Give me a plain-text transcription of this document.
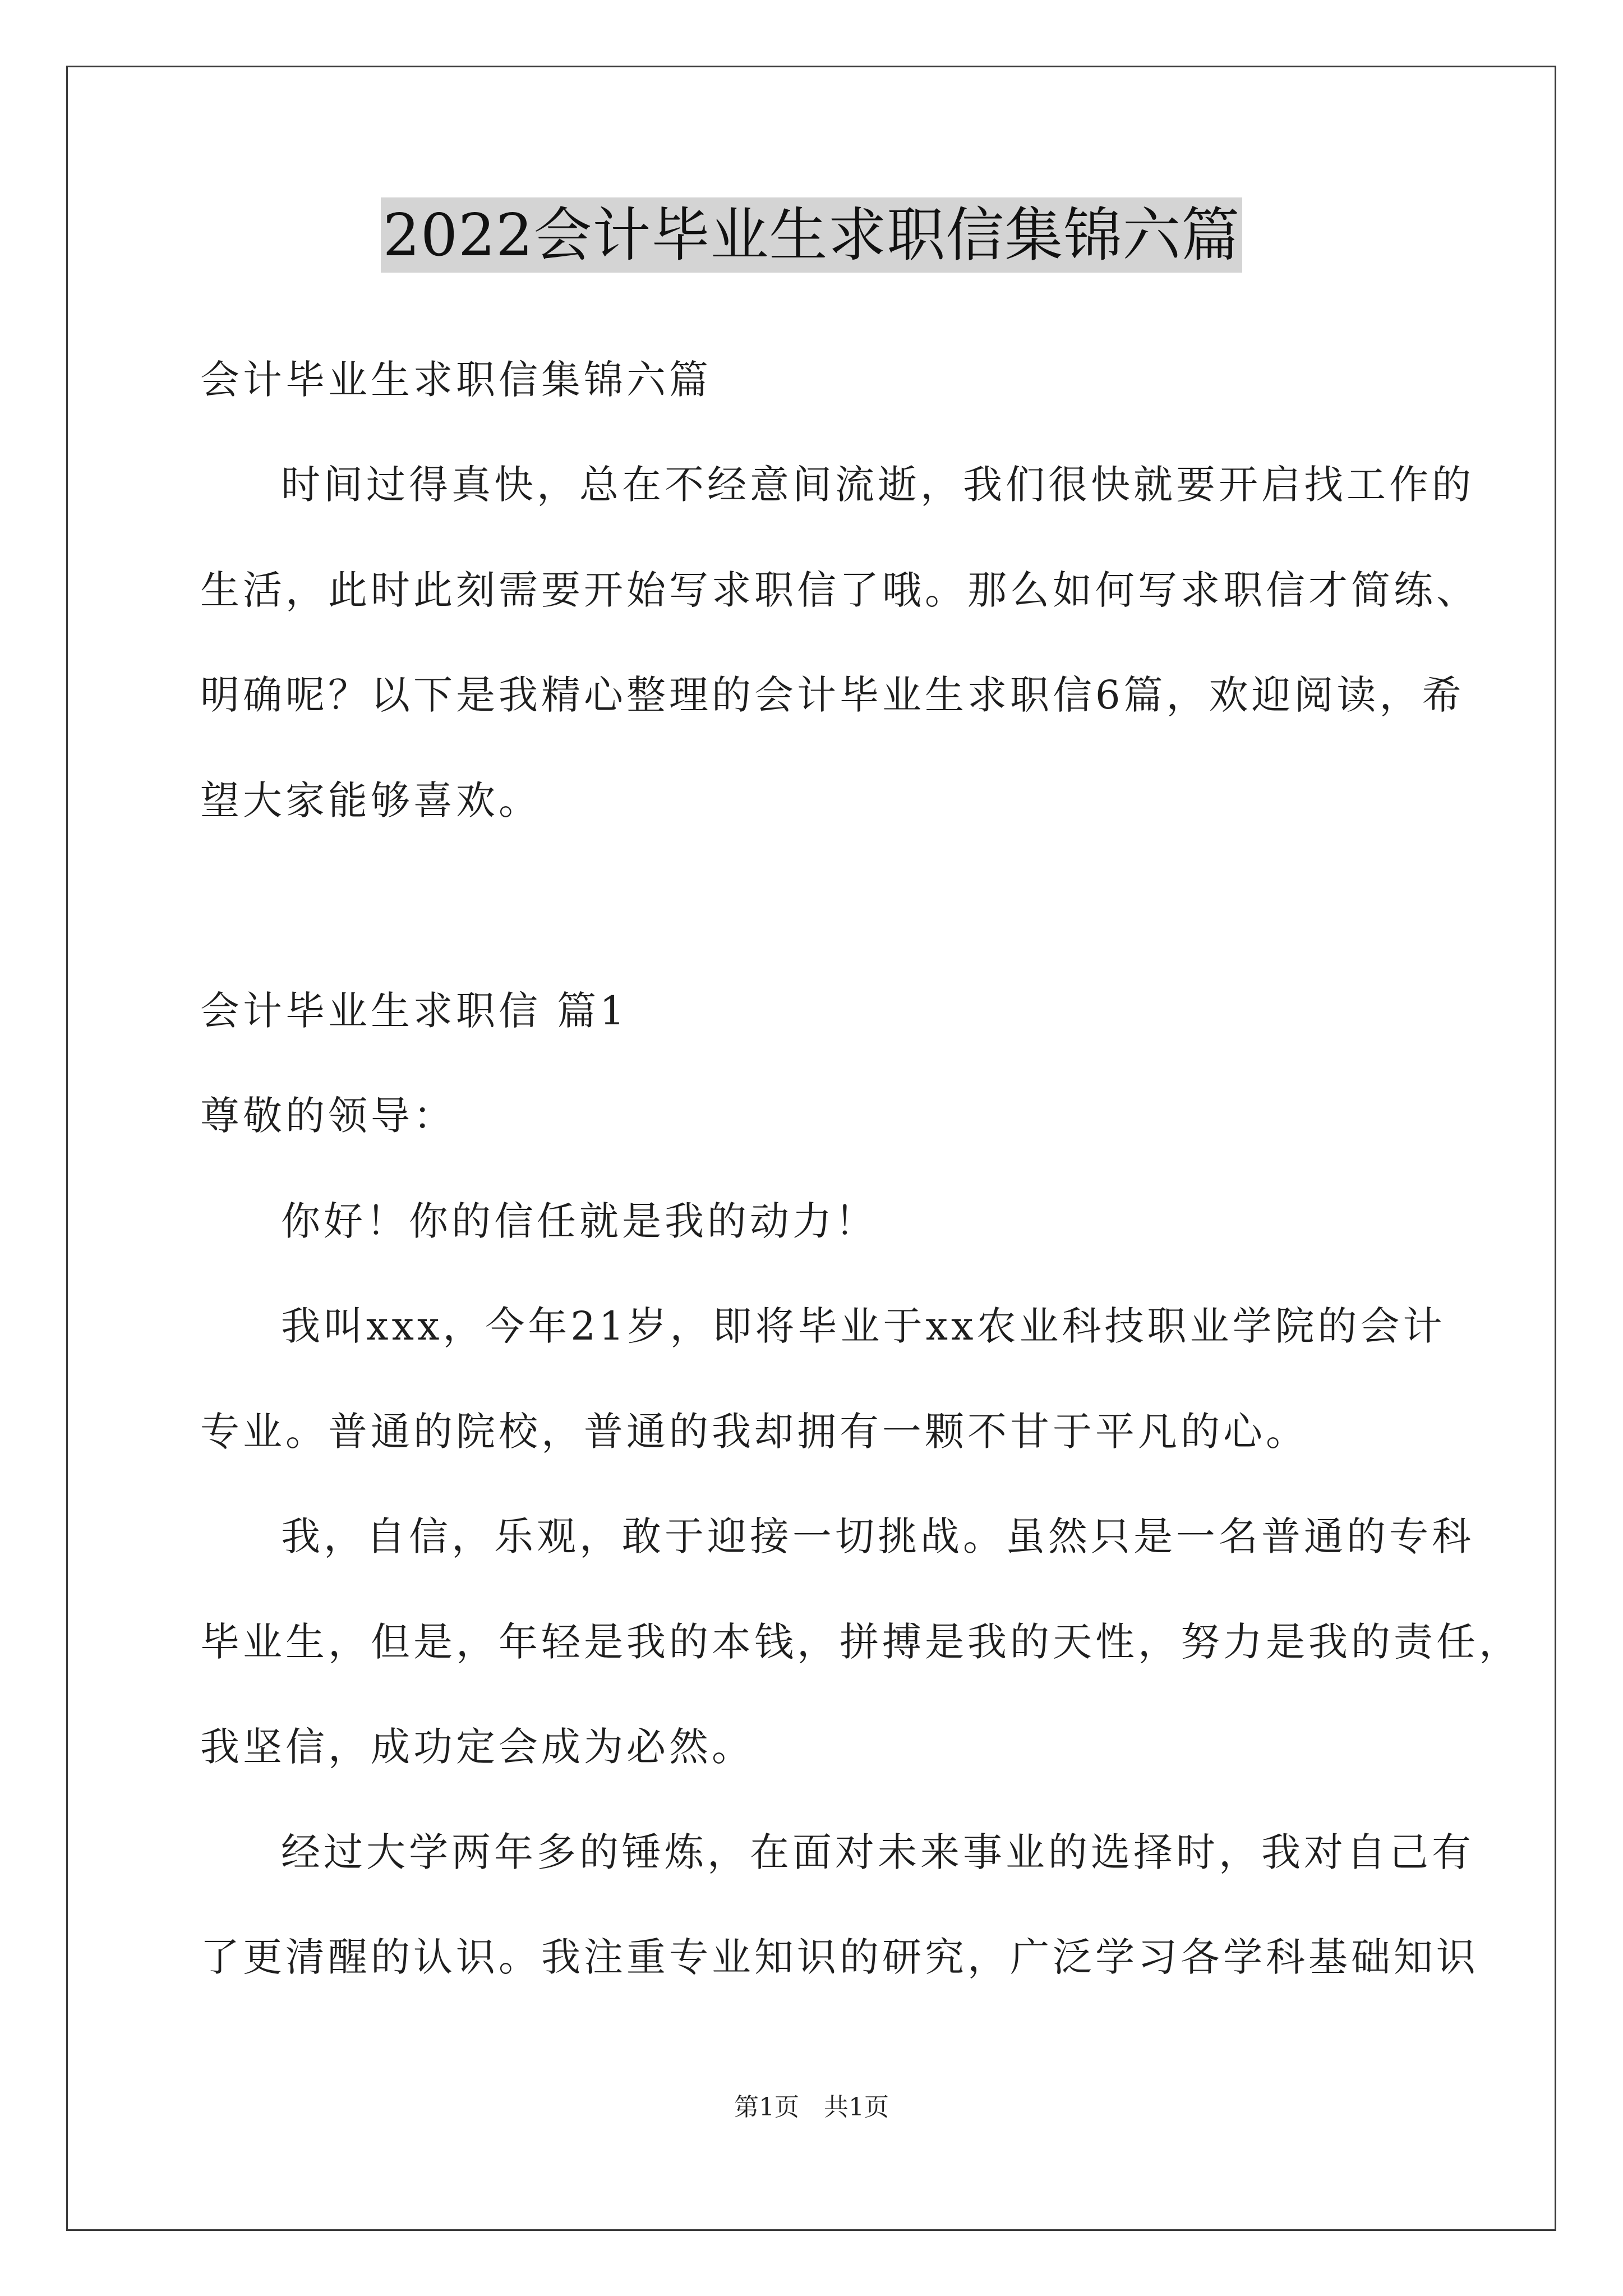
2022会计毕业生求职信集锦六篇
会计毕业生求职信集锦六篇
时间过得真快，总在不经意间流逝，我们很快就要开启找工作的
生活，此时此刻需要开始写求职信了哦。那么如何写求职信才简练、
明确呢？以下是我精心整理的会计毕业生求职信6篇，欢迎阅读，希
望大家能够喜欢。
会计毕业生求职信 篇1
尊敬的领导：
你好！你的信任就是我的动力！
我叫xxx，今年21岁，即将毕业于xx农业科技职业学院的会计
专业。普通的院校，普通的我却拥有一颗不甘于平凡的心。
我，自信，乐观，敢于迎接一切挑战。虽然只是一名普通的专科
毕业生，但是，年轻是我的本钱，拼搏是我的天性，努力是我的责任，
我坚信，成功定会成为必然。
经过大学两年多的锤炼，在面对未来事业的选择时，我对自己有
了更清醒的认识。我注重专业知识的研究，广泛学习各学科基础知识
第1页 共1页
